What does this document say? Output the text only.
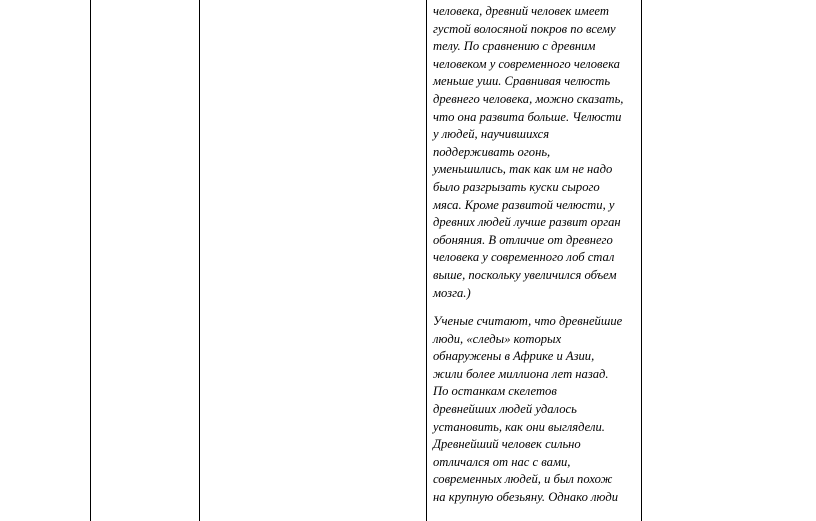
человека, древний человек имеет
густой волосяной покров по всему
телу. По сравнению с древним
человеком у современного человека
меньше уши. Сравнивая челюсть
древнего человека, можно сказать,
что она развита больше. Челюсти
у людей, научившихся
поддерживать огонь,
уменьшились, так как им не надо
было разгрызать куски сырого
мяса. Кроме развитой челюсти, у
древних людей лучше развит орган
обоняния. В отличие от древнего
человека у современного лоб стал
выше, поскольку увеличился объем
мозга.)
Ученые считают, что древнейшие
люди, «следы» которых
обнаружены в Африке и Азии,
жили более миллиона лет назад.
По останкам скелетов
древнейших людей удалось
установить, как они выглядели.
Древнейший человек сильно
отличался от нас с вами,
современных людей, и был похож
на крупную обезьяну. Однако люди
